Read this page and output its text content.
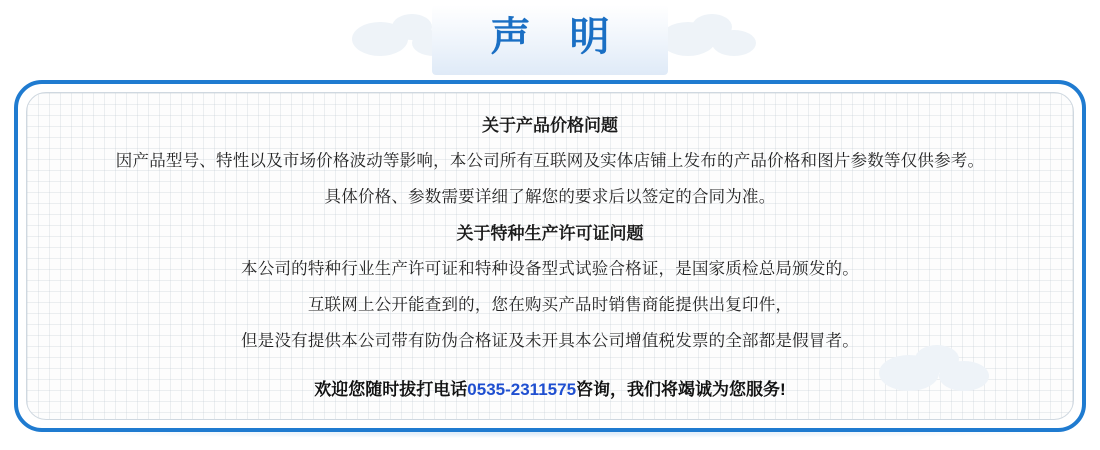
声 明

关于产品价格问题

因产品型号、特性以及市场价格波动等影响，本公司所有互联网及实体店铺上发布的产品价格和图片参数等仅供参考。

具体价格、参数需要详细了解您的要求后以签定的合同为准。

关于特种生产许可证问题

本公司的特种行业生产许可证和特种设备型式试验合格证，是国家质检总局颁发的。

互联网上公开能查到的，您在购买产品时销售商能提供出复印件，

但是没有提供本公司带有防伪合格证及未开具本公司增值税发票的全部都是假冒者。

欢迎您随时拔打电话0535-2311575咨询，我们将竭诚为您服务!
